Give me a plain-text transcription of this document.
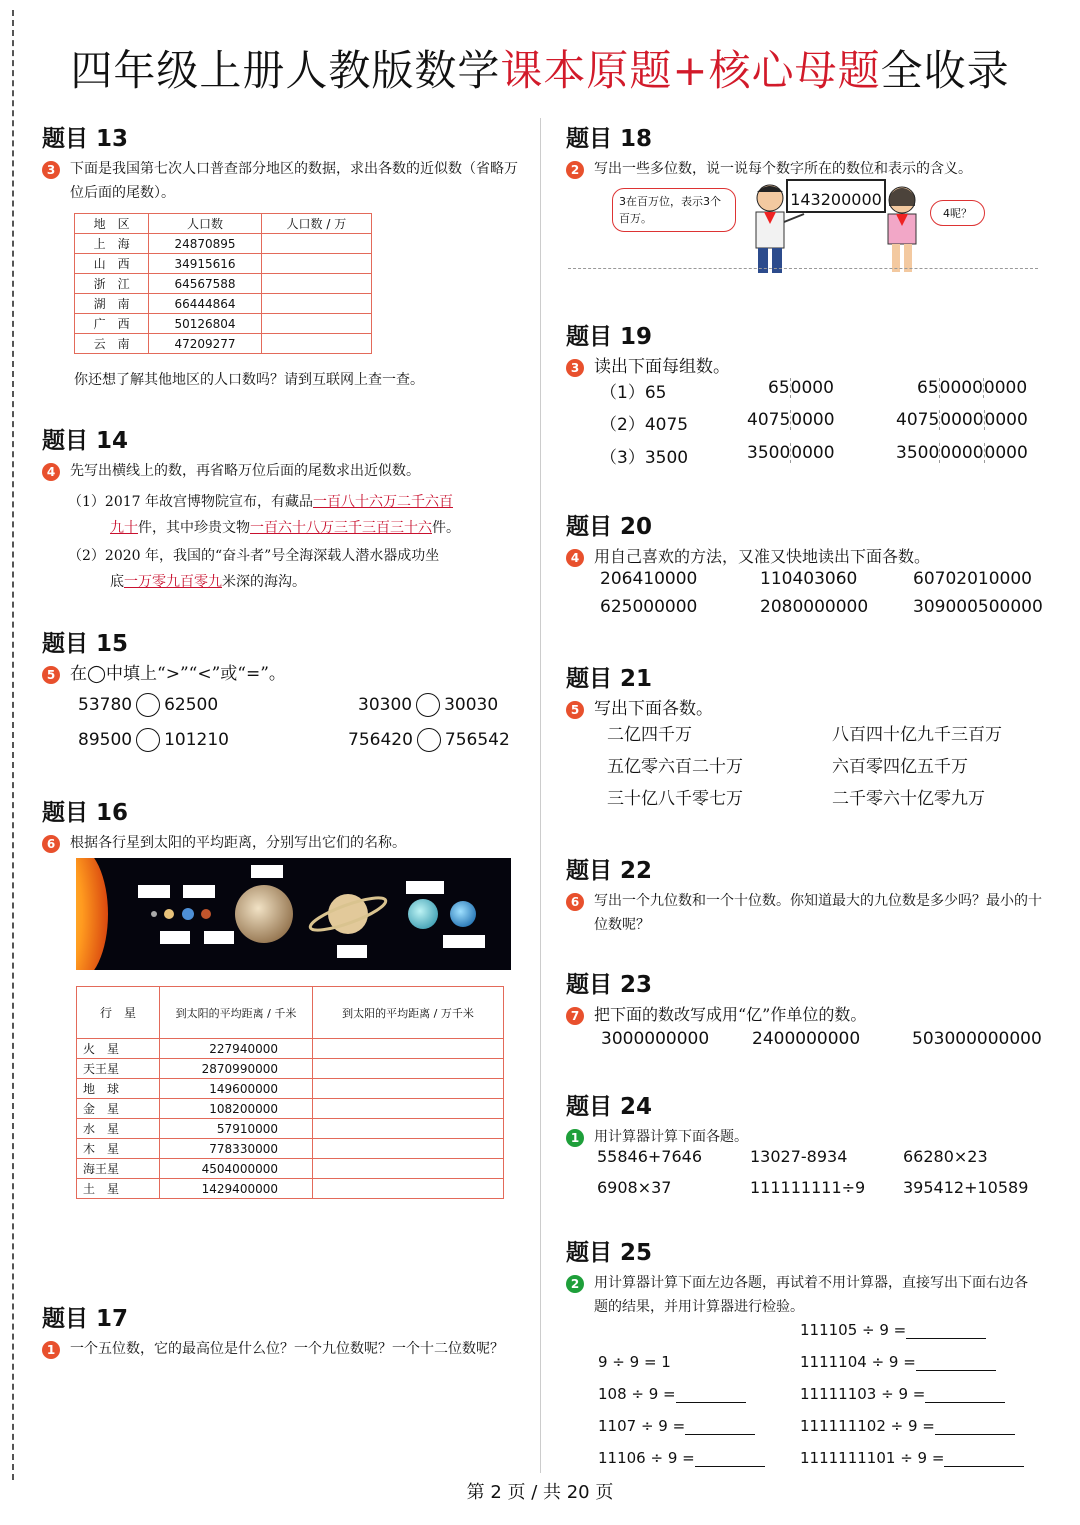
四年级上册人教版数学课本原题+核心母题全收录
题目 13
3	下面是我国第七次人口普查部分地区的数据，求出各数的近似数（省略万位后面的尾数）。
地　区	人口数	人口数 / 万
上　海	24870895	
山　西	34915616	
浙　江	64567588	
湖　南	66444864	
广　西	50126804	
云　南	47209277	
你还想了解其他地区的人口数吗？请到互联网上查一查。
题目 14
4	先写出横线上的数，再省略万位后面的尾数求出近似数。
（1）2017 年故宫博物院宣布，有藏品一百八十六万二千六百
九十件，其中珍贵文物一百六十八万三千三百三十六件。
（2）2020 年，我国的“奋斗者”号全海深载人潜水器成功坐
底一万零九百零九米深的海沟。
题目 15
5 在◯中填上“>”“<”或“=”。
53780 62500	30300 30030
89500 101210	756420 756542
题目 16
6	根据各行星到太阳的平均距离，分别写出它们的名称。
行　星	到太阳的平均距离 / 千米	到太阳的平均距离 / 万千米
火　星	227940000	
天王星	2870990000	
地　球	149600000	
金　星	108200000	
水　星	57910000	
木　星	778330000	
海王星	4504000000	
土　星	1429400000	
题目 17
1	一个五位数，它的最高位是什么位？一个九位数呢？一个十二位数呢？
题目 18
2	写出一些多位数，说一说每个数字所在的数位和表示的含义。
3在百万位，表示3个百万。
143200000
4呢？
题目 19
3 读出下面每组数。
（1）65	650000	6500000000
（2）4075	40750000	407500000000
（3）3500	35000000	350000000000
题目 20
4 用自己喜欢的方法，又准又快地读出下面各数。
206410000	110403060	60702010000
625000000	2080000000	309000500000
题目 21
5 写出下面各数。
二亿四千万	八百四十亿九千三百万
五亿零六百二十万	六百零四亿五千万
三十亿八千零七万	二千零六十亿零九万
题目 22
6	写出一个九位数和一个十位数。你知道最大的九位数是多少吗？最小的十位数呢？
题目 23
7 把下面的数改写成用“亿”作单位的数。
3000000000	2400000000	503000000000
题目 24
1	用计算器计算下面各题。
55846+7646	13027-8934	66280×23
6908×37	111111111÷9 395412+10589
题目 25
2	用计算器计算下面左边各题，再试着不用计算器，直接写出下面右边各题的结果，并用计算器进行检验。
9 ÷ 9 = 1
108 ÷ 9 =
1107 ÷ 9 =
11106 ÷ 9 =
111105 ÷ 9 =
1111104 ÷ 9 =
11111103 ÷ 9 =
111111102 ÷ 9 =
1111111101 ÷ 9 =
第 2 页 / 共 20 页
